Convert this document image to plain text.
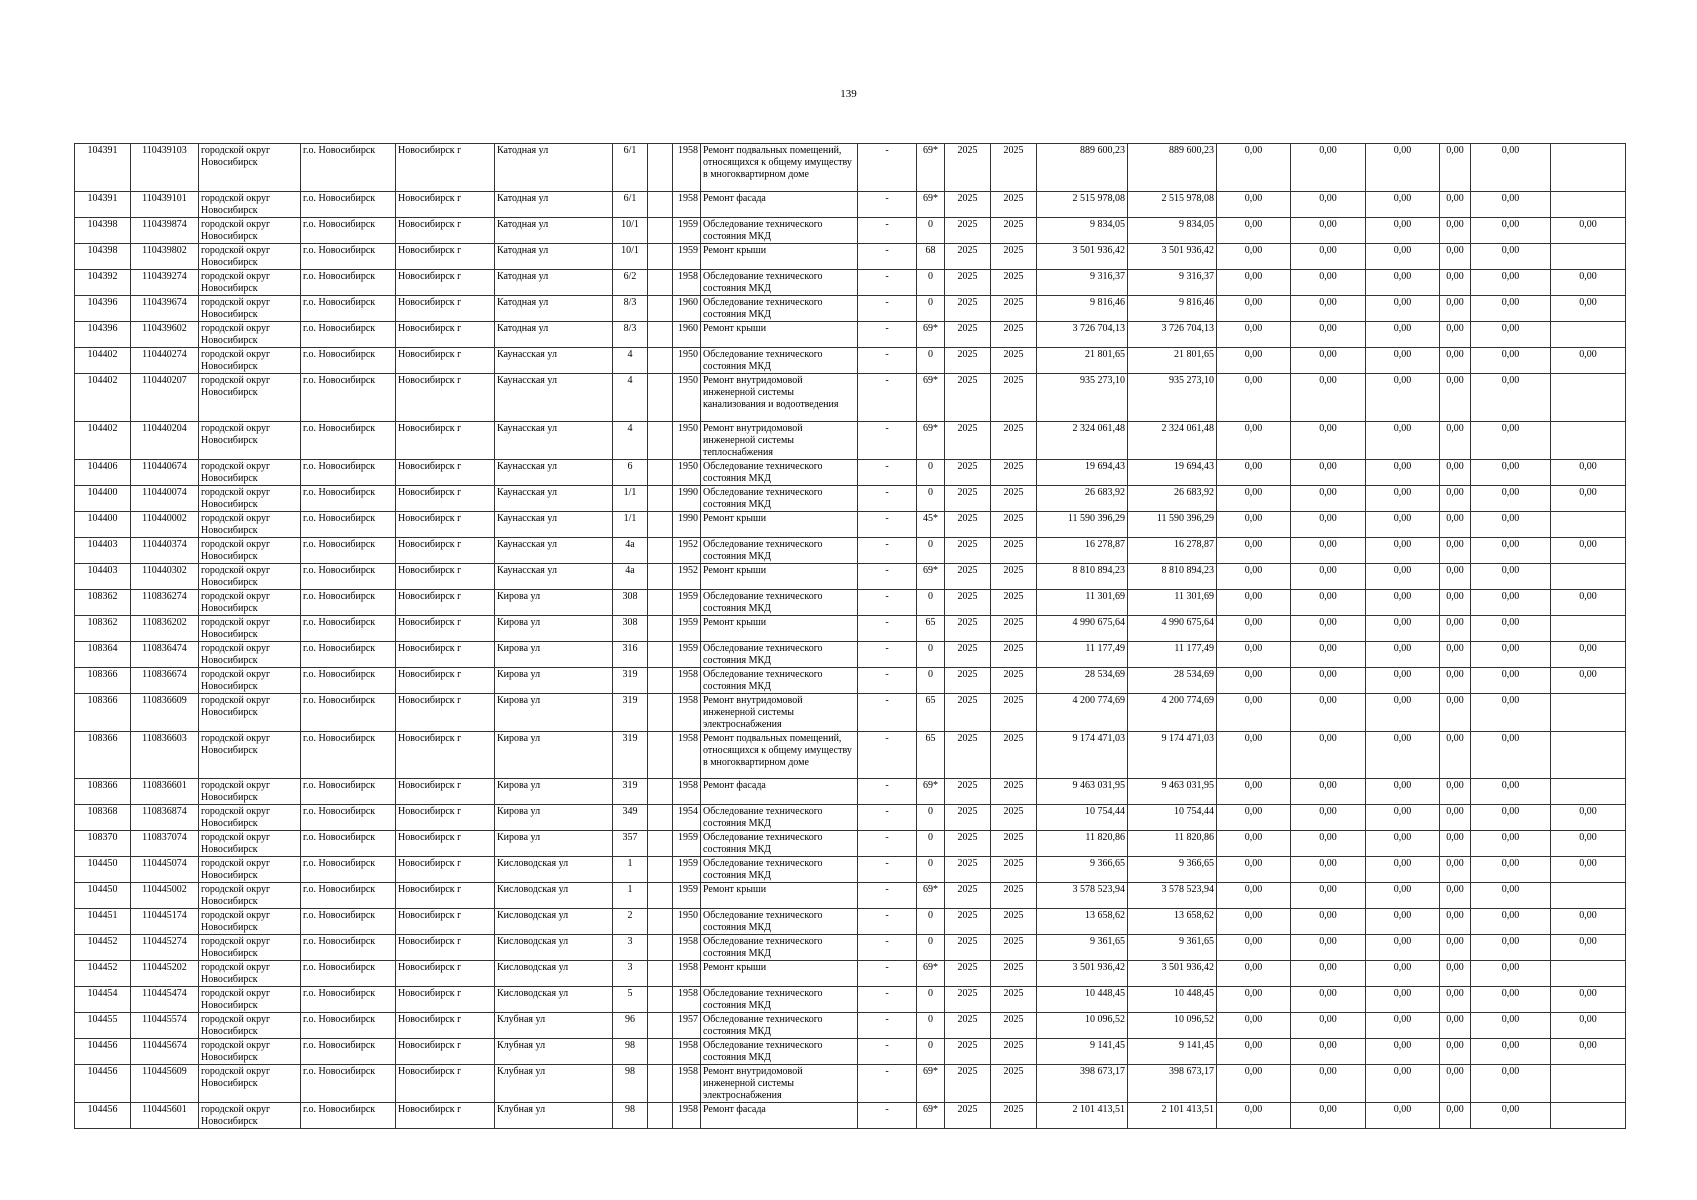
139
104391	110439103	городской округ Новосибирск	г.о. Новосибирск	Новосибирск г	Катодная ул	6/1		1958	Ремонт подвальных помещений, относящихся к общему имуществу в многоквартирном доме	-	69*	2025	2025	889 600,23	889 600,23	0,00	0,00	0,00	0,00	0,00	
104391	110439101	городской округ Новосибирск	г.о. Новосибирск	Новосибирск г	Катодная ул	6/1		1958	Ремонт фасада	-	69*	2025	2025	2 515 978,08	2 515 978,08	0,00	0,00	0,00	0,00	0,00	
104398	110439874	городской округ Новосибирск	г.о. Новосибирск	Новосибирск г	Катодная ул	10/1		1959	Обследование технического состояния МКД	-	0	2025	2025	9 834,05	9 834,05	0,00	0,00	0,00	0,00	0,00	0,00
104398	110439802	городской округ Новосибирск	г.о. Новосибирск	Новосибирск г	Катодная ул	10/1		1959	Ремонт крыши	-	68	2025	2025	3 501 936,42	3 501 936,42	0,00	0,00	0,00	0,00	0,00	
104392	110439274	городской округ Новосибирск	г.о. Новосибирск	Новосибирск г	Катодная ул	6/2		1958	Обследование технического состояния МКД	-	0	2025	2025	9 316,37	9 316,37	0,00	0,00	0,00	0,00	0,00	0,00
104396	110439674	городской округ Новосибирск	г.о. Новосибирск	Новосибирск г	Катодная ул	8/3		1960	Обследование технического состояния МКД	-	0	2025	2025	9 816,46	9 816,46	0,00	0,00	0,00	0,00	0,00	0,00
104396	110439602	городской округ Новосибирск	г.о. Новосибирск	Новосибирск г	Катодная ул	8/3		1960	Ремонт крыши	-	69*	2025	2025	3 726 704,13	3 726 704,13	0,00	0,00	0,00	0,00	0,00	
104402	110440274	городской округ Новосибирск	г.о. Новосибирск	Новосибирск г	Каунасская ул	4		1950	Обследование технического состояния МКД	-	0	2025	2025	21 801,65	21 801,65	0,00	0,00	0,00	0,00	0,00	0,00
104402	110440207	городской округ Новосибирск	г.о. Новосибирск	Новосибирск г	Каунасская ул	4		1950	Ремонт внутридомовой инженерной системы канализования и водоотведения	-	69*	2025	2025	935 273,10	935 273,10	0,00	0,00	0,00	0,00	0,00	
104402	110440204	городской округ Новосибирск	г.о. Новосибирск	Новосибирск г	Каунасская ул	4		1950	Ремонт внутридомовой инженерной системы теплоснабжения	-	69*	2025	2025	2 324 061,48	2 324 061,48	0,00	0,00	0,00	0,00	0,00	
104406	110440674	городской округ Новосибирск	г.о. Новосибирск	Новосибирск г	Каунасская ул	6		1950	Обследование технического состояния МКД	-	0	2025	2025	19 694,43	19 694,43	0,00	0,00	0,00	0,00	0,00	0,00
104400	110440074	городской округ Новосибирск	г.о. Новосибирск	Новосибирск г	Каунасская ул	1/1		1990	Обследование технического состояния МКД	-	0	2025	2025	26 683,92	26 683,92	0,00	0,00	0,00	0,00	0,00	0,00
104400	110440002	городской округ Новосибирск	г.о. Новосибирск	Новосибирск г	Каунасская ул	1/1		1990	Ремонт крыши	-	45*	2025	2025	11 590 396,29	11 590 396,29	0,00	0,00	0,00	0,00	0,00	
104403	110440374	городской округ Новосибирск	г.о. Новосибирск	Новосибирск г	Каунасская ул	4а		1952	Обследование технического состояния МКД	-	0	2025	2025	16 278,87	16 278,87	0,00	0,00	0,00	0,00	0,00	0,00
104403	110440302	городской округ Новосибирск	г.о. Новосибирск	Новосибирск г	Каунасская ул	4а		1952	Ремонт крыши	-	69*	2025	2025	8 810 894,23	8 810 894,23	0,00	0,00	0,00	0,00	0,00	
108362	110836274	городской округ Новосибирск	г.о. Новосибирск	Новосибирск г	Кирова ул	308		1959	Обследование технического состояния МКД	-	0	2025	2025	11 301,69	11 301,69	0,00	0,00	0,00	0,00	0,00	0,00
108362	110836202	городской округ Новосибирск	г.о. Новосибирск	Новосибирск г	Кирова ул	308		1959	Ремонт крыши	-	65	2025	2025	4 990 675,64	4 990 675,64	0,00	0,00	0,00	0,00	0,00	
108364	110836474	городской округ Новосибирск	г.о. Новосибирск	Новосибирск г	Кирова ул	316		1959	Обследование технического состояния МКД	-	0	2025	2025	11 177,49	11 177,49	0,00	0,00	0,00	0,00	0,00	0,00
108366	110836674	городской округ Новосибирск	г.о. Новосибирск	Новосибирск г	Кирова ул	319		1958	Обследование технического состояния МКД	-	0	2025	2025	28 534,69	28 534,69	0,00	0,00	0,00	0,00	0,00	0,00
108366	110836609	городской округ Новосибирск	г.о. Новосибирск	Новосибирск г	Кирова ул	319		1958	Ремонт внутридомовой инженерной системы электроснабжения	-	65	2025	2025	4 200 774,69	4 200 774,69	0,00	0,00	0,00	0,00	0,00	
108366	110836603	городской округ Новосибирск	г.о. Новосибирск	Новосибирск г	Кирова ул	319		1958	Ремонт подвальных помещений, относящихся к общему имуществу в многоквартирном доме	-	65	2025	2025	9 174 471,03	9 174 471,03	0,00	0,00	0,00	0,00	0,00	
108366	110836601	городской округ Новосибирск	г.о. Новосибирск	Новосибирск г	Кирова ул	319		1958	Ремонт фасада	-	69*	2025	2025	9 463 031,95	9 463 031,95	0,00	0,00	0,00	0,00	0,00	
108368	110836874	городской округ Новосибирск	г.о. Новосибирск	Новосибирск г	Кирова ул	349		1954	Обследование технического состояния МКД	-	0	2025	2025	10 754,44	10 754,44	0,00	0,00	0,00	0,00	0,00	0,00
108370	110837074	городской округ Новосибирск	г.о. Новосибирск	Новосибирск г	Кирова ул	357		1959	Обследование технического состояния МКД	-	0	2025	2025	11 820,86	11 820,86	0,00	0,00	0,00	0,00	0,00	0,00
104450	110445074	городской округ Новосибирск	г.о. Новосибирск	Новосибирск г	Кисловодская ул	1		1959	Обследование технического состояния МКД	-	0	2025	2025	9 366,65	9 366,65	0,00	0,00	0,00	0,00	0,00	0,00
104450	110445002	городской округ Новосибирск	г.о. Новосибирск	Новосибирск г	Кисловодская ул	1		1959	Ремонт крыши	-	69*	2025	2025	3 578 523,94	3 578 523,94	0,00	0,00	0,00	0,00	0,00	
104451	110445174	городской округ Новосибирск	г.о. Новосибирск	Новосибирск г	Кисловодская ул	2		1950	Обследование технического состояния МКД	-	0	2025	2025	13 658,62	13 658,62	0,00	0,00	0,00	0,00	0,00	0,00
104452	110445274	городской округ Новосибирск	г.о. Новосибирск	Новосибирск г	Кисловодская ул	3		1958	Обследование технического состояния МКД	-	0	2025	2025	9 361,65	9 361,65	0,00	0,00	0,00	0,00	0,00	0,00
104452	110445202	городской округ Новосибирск	г.о. Новосибирск	Новосибирск г	Кисловодская ул	3		1958	Ремонт крыши	-	69*	2025	2025	3 501 936,42	3 501 936,42	0,00	0,00	0,00	0,00	0,00	
104454	110445474	городской округ Новосибирск	г.о. Новосибирск	Новосибирск г	Кисловодская ул	5		1958	Обследование технического состояния МКД	-	0	2025	2025	10 448,45	10 448,45	0,00	0,00	0,00	0,00	0,00	0,00
104455	110445574	городской округ Новосибирск	г.о. Новосибирск	Новосибирск г	Клубная ул	96		1957	Обследование технического состояния МКД	-	0	2025	2025	10 096,52	10 096,52	0,00	0,00	0,00	0,00	0,00	0,00
104456	110445674	городской округ Новосибирск	г.о. Новосибирск	Новосибирск г	Клубная ул	98		1958	Обследование технического состояния МКД	-	0	2025	2025	9 141,45	9 141,45	0,00	0,00	0,00	0,00	0,00	0,00
104456	110445609	городской округ Новосибирск	г.о. Новосибирск	Новосибирск г	Клубная ул	98		1958	Ремонт внутридомовой инженерной системы электроснабжения	-	69*	2025	2025	398 673,17	398 673,17	0,00	0,00	0,00	0,00	0,00	
104456	110445601	городской округ Новосибирск	г.о. Новосибирск	Новосибирск г	Клубная ул	98		1958	Ремонт фасада	-	69*	2025	2025	2 101 413,51	2 101 413,51	0,00	0,00	0,00	0,00	0,00	
